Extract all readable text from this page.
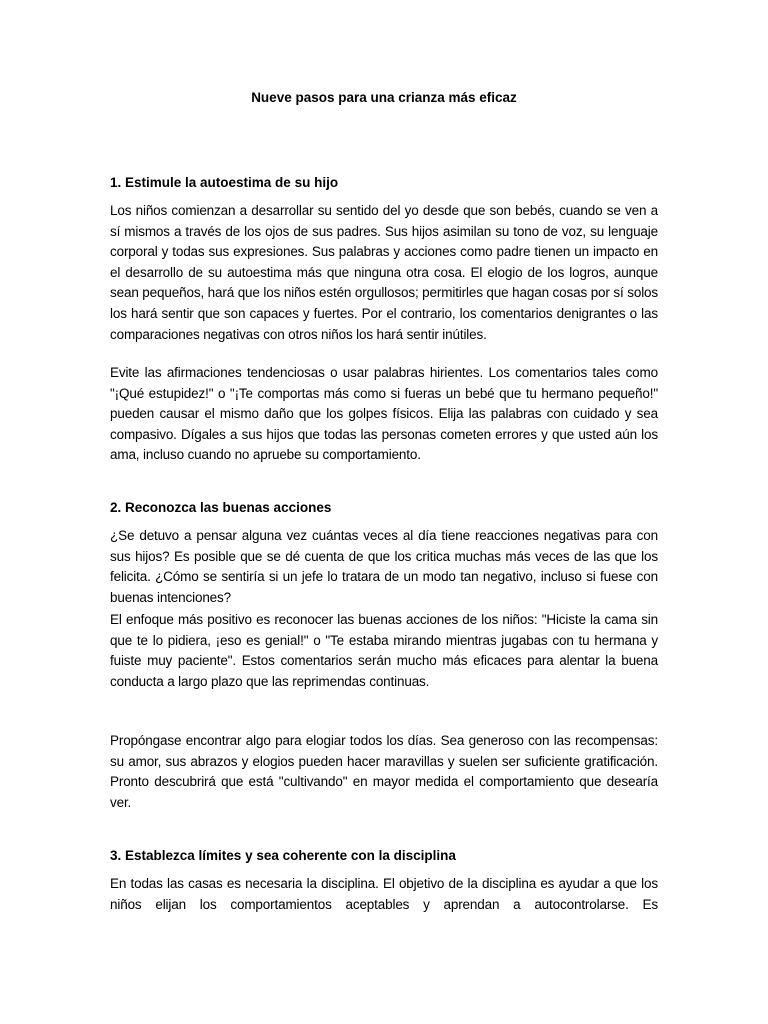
Nueve pasos para una crianza más eficaz
1. Estimule la autoestima de su hijo

Los niños comienzan a desarrollar su sentido del yo desde que son bebés, cuando se ven a sí mismos a través de los ojos de sus padres. Sus hijos asimilan su tono de voz, su lenguaje corporal y todas sus expresiones. Sus palabras y acciones como padre tienen un impacto en el desarrollo de su autoestima más que ninguna otra cosa. El elogio de los logros, aunque sean pequeños, hará que los niños estén orgullosos; permitirles que hagan cosas por sí solos los hará sentir que son capaces y fuertes. Por el contrario, los comentarios denigrantes o las comparaciones negativas con otros niños los hará sentir inútiles.

Evite las afirmaciones tendenciosas o usar palabras hirientes. Los comentarios tales como "¡Qué estupidez!" o "¡Te comportas más como si fueras un bebé que tu hermano pequeño!" pueden causar el mismo daño que los golpes físicos. Elija las palabras con cuidado y sea compasivo. Dígales a sus hijos que todas las personas cometen errores y que usted aún los ama, incluso cuando no apruebe su comportamiento.

2. Reconozca las buenas acciones

¿Se detuvo a pensar alguna vez cuántas veces al día tiene reacciones negativas para con sus hijos? Es posible que se dé cuenta de que los critica muchas más veces de las que los felicita. ¿Cómo se sentiría si un jefe lo tratara de un modo tan negativo, incluso si fuese con buenas intenciones?

El enfoque más positivo es reconocer las buenas acciones de los niños: "Hiciste la cama sin que te lo pidiera, ¡eso es genial!" o "Te estaba mirando mientras jugabas con tu hermana y fuiste muy paciente". Estos comentarios serán mucho más eficaces para alentar la buena conducta a largo plazo que las reprimendas continuas.

Propóngase encontrar algo para elogiar todos los días. Sea generoso con las recompensas: su amor, sus abrazos y elogios pueden hacer maravillas y suelen ser suficiente gratificación. Pronto descubrirá que está "cultivando" en mayor medida el comportamiento que desearía ver.

3. Establezca límites y sea coherente con la disciplina

En todas las casas es necesaria la disciplina. El objetivo de la disciplina es ayudar a que los niños elijan los comportamientos aceptables y aprendan a autocontrolarse. Es
